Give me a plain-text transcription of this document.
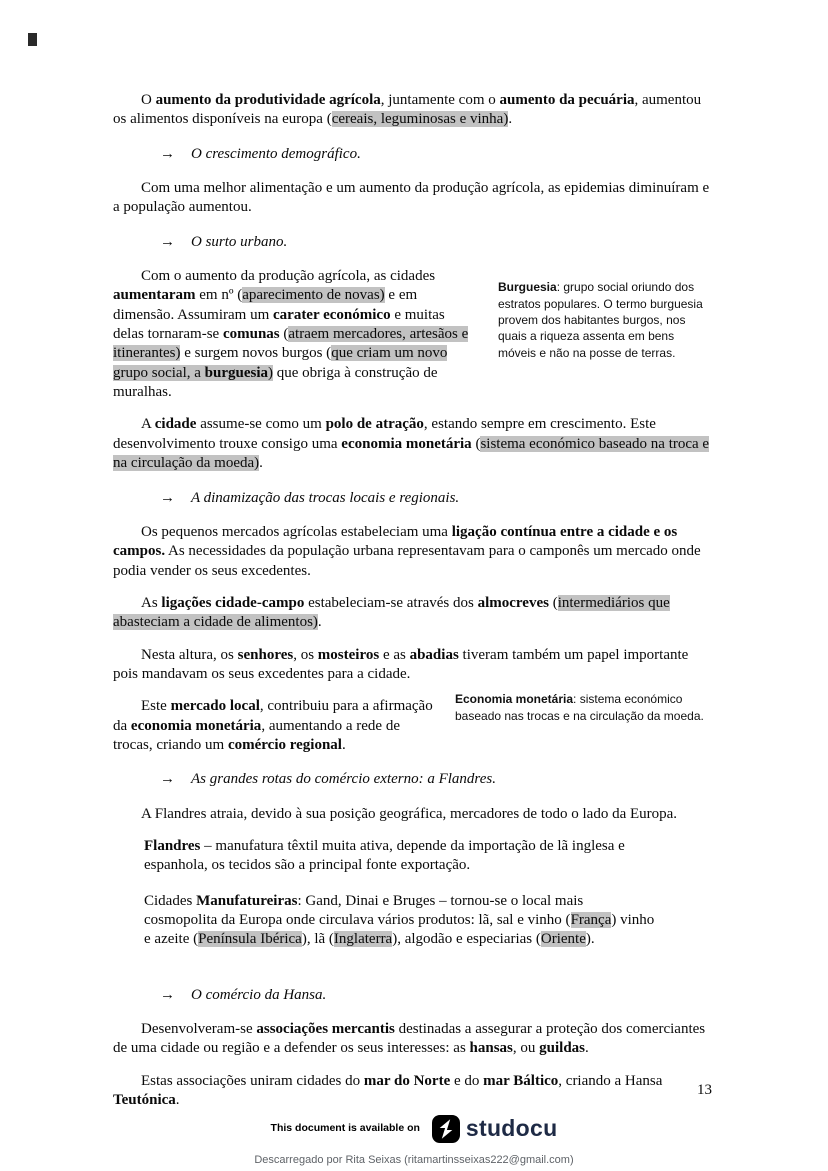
O aumento da produtividade agrícola, juntamente com o aumento da pecuária, aumentou os alimentos disponíveis na europa (cereais, leguminosas e vinha).

→ O crescimento demográfico.

Com uma melhor alimentação e um aumento da produção agrícola, as epidemias diminuíram e a população aumentou.

→ O surto urbano.

Com o aumento da produção agrícola, as cidades aumentaram em nº (aparecimento de novas) e em dimensão. Assumiram um carater económico e muitas delas tornaram-se comunas (atraem mercadores, artesãos e itinerantes) e surgem novos burgos (que criam um novo grupo social, a burguesia) que obriga à construção de muralhas.

Burguesia: grupo social oriundo dos estratos populares. O termo burguesia provem dos habitantes burgos, nos quais a riqueza assenta em bens móveis e não na posse de terras.

A cidade assume-se como um polo de atração, estando sempre em crescimento. Este desenvolvimento trouxe consigo uma economia monetária (sistema económico baseado na troca e na circulação da moeda).

→ A dinamização das trocas locais e regionais.

Os pequenos mercados agrícolas estabeleciam uma ligação contínua entre a cidade e os campos. As necessidades da população urbana representavam para o camponês um mercado onde podia vender os seus excedentes.

As ligações cidade-campo estabeleciam-se através dos almocreves (intermediários que abasteciam a cidade de alimentos).

Nesta altura, os senhores, os mosteiros e as abadias tiveram também um papel importante pois mandavam os seus excedentes para a cidade.

Este mercado local, contribuiu para a afirmação da economia monetária, aumentando a rede de trocas, criando um comércio regional.

Economia monetária: sistema económico baseado nas trocas e na circulação da moeda.
→ As grandes rotas do comércio externo: a Flandres.

A Flandres atraia, devido à sua posição geográfica, mercadores de todo o lado da Europa.

Flandres – manufatura têxtil muita ativa, depende da importação de lã inglesa e espanhola, os tecidos são a principal fonte exportação.

Cidades Manufatureiras: Gand, Dinai e Bruges – tornou-se o local mais cosmopolita da Europa onde circulava vários produtos: lã, sal e vinho (França) vinho e azeite (Península Ibérica), lã (Inglaterra), algodão e especiarias (Oriente).

→ O comércio da Hansa.

Desenvolveram-se associações mercantis destinadas a assegurar a proteção dos comerciantes de uma cidade ou região e a defender os seus interesses: as hansas, ou guildas.

Estas associações uniram cidades do mar do Norte e do mar Báltico, criando a Hansa Teutónica.

13
This document is available on studocu
Descarregado por Rita Seixas (ritamartinsseixas222@gmail.com)
